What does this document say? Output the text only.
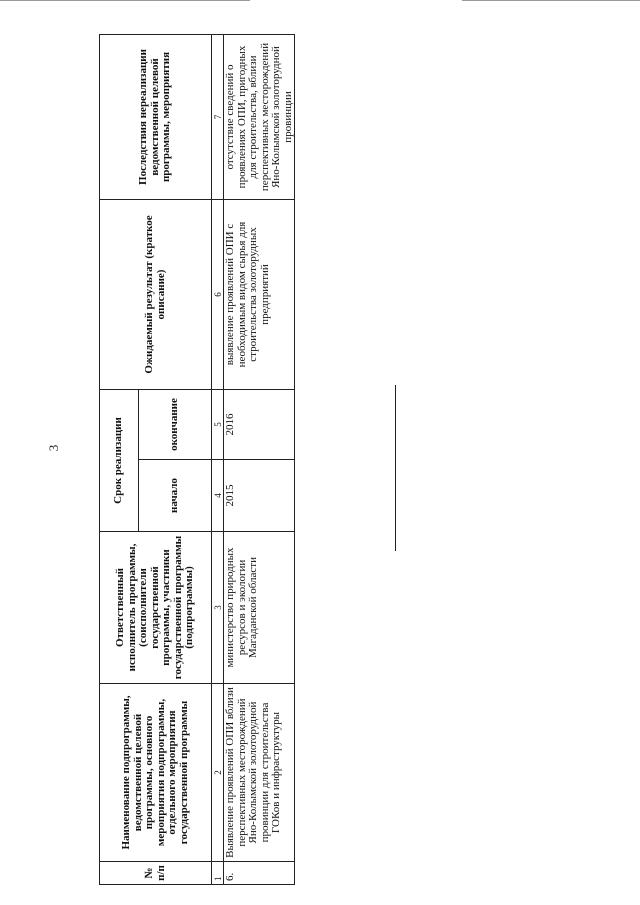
3
№ п/п	Наименование подпрограммы, ведомственной целевой программы, основного мероприятия подпрограммы, отдельного мероприятия государственной программы	Ответственный исполнитель программы, (соисполнители государственной программы, участники государственной программы (подпрограммы)	Срок реализации		Ожидаемый результат (краткое описание)	Последствия нереализации ведомственной целевой программы, мероприятия
			начало	окончание		
1	2	3	4	5	6	7
6.	Выявление проявлений ОПИ вблизи перспективных месторождений Яно-Колымской золоторудной провинции для строительства ГОКов и инфраструктуры	министерство природных ресурсов и экологии Магаданской области	2015	2016	выявление проявлений ОПИ с необходимым видом сырья для строительства золоторудных предприятий	отсутствие сведений о проявлениях ОПИ, пригодных для строительства, вблизи перспективных месторождений Яно-Колымской золоторудной провинции
